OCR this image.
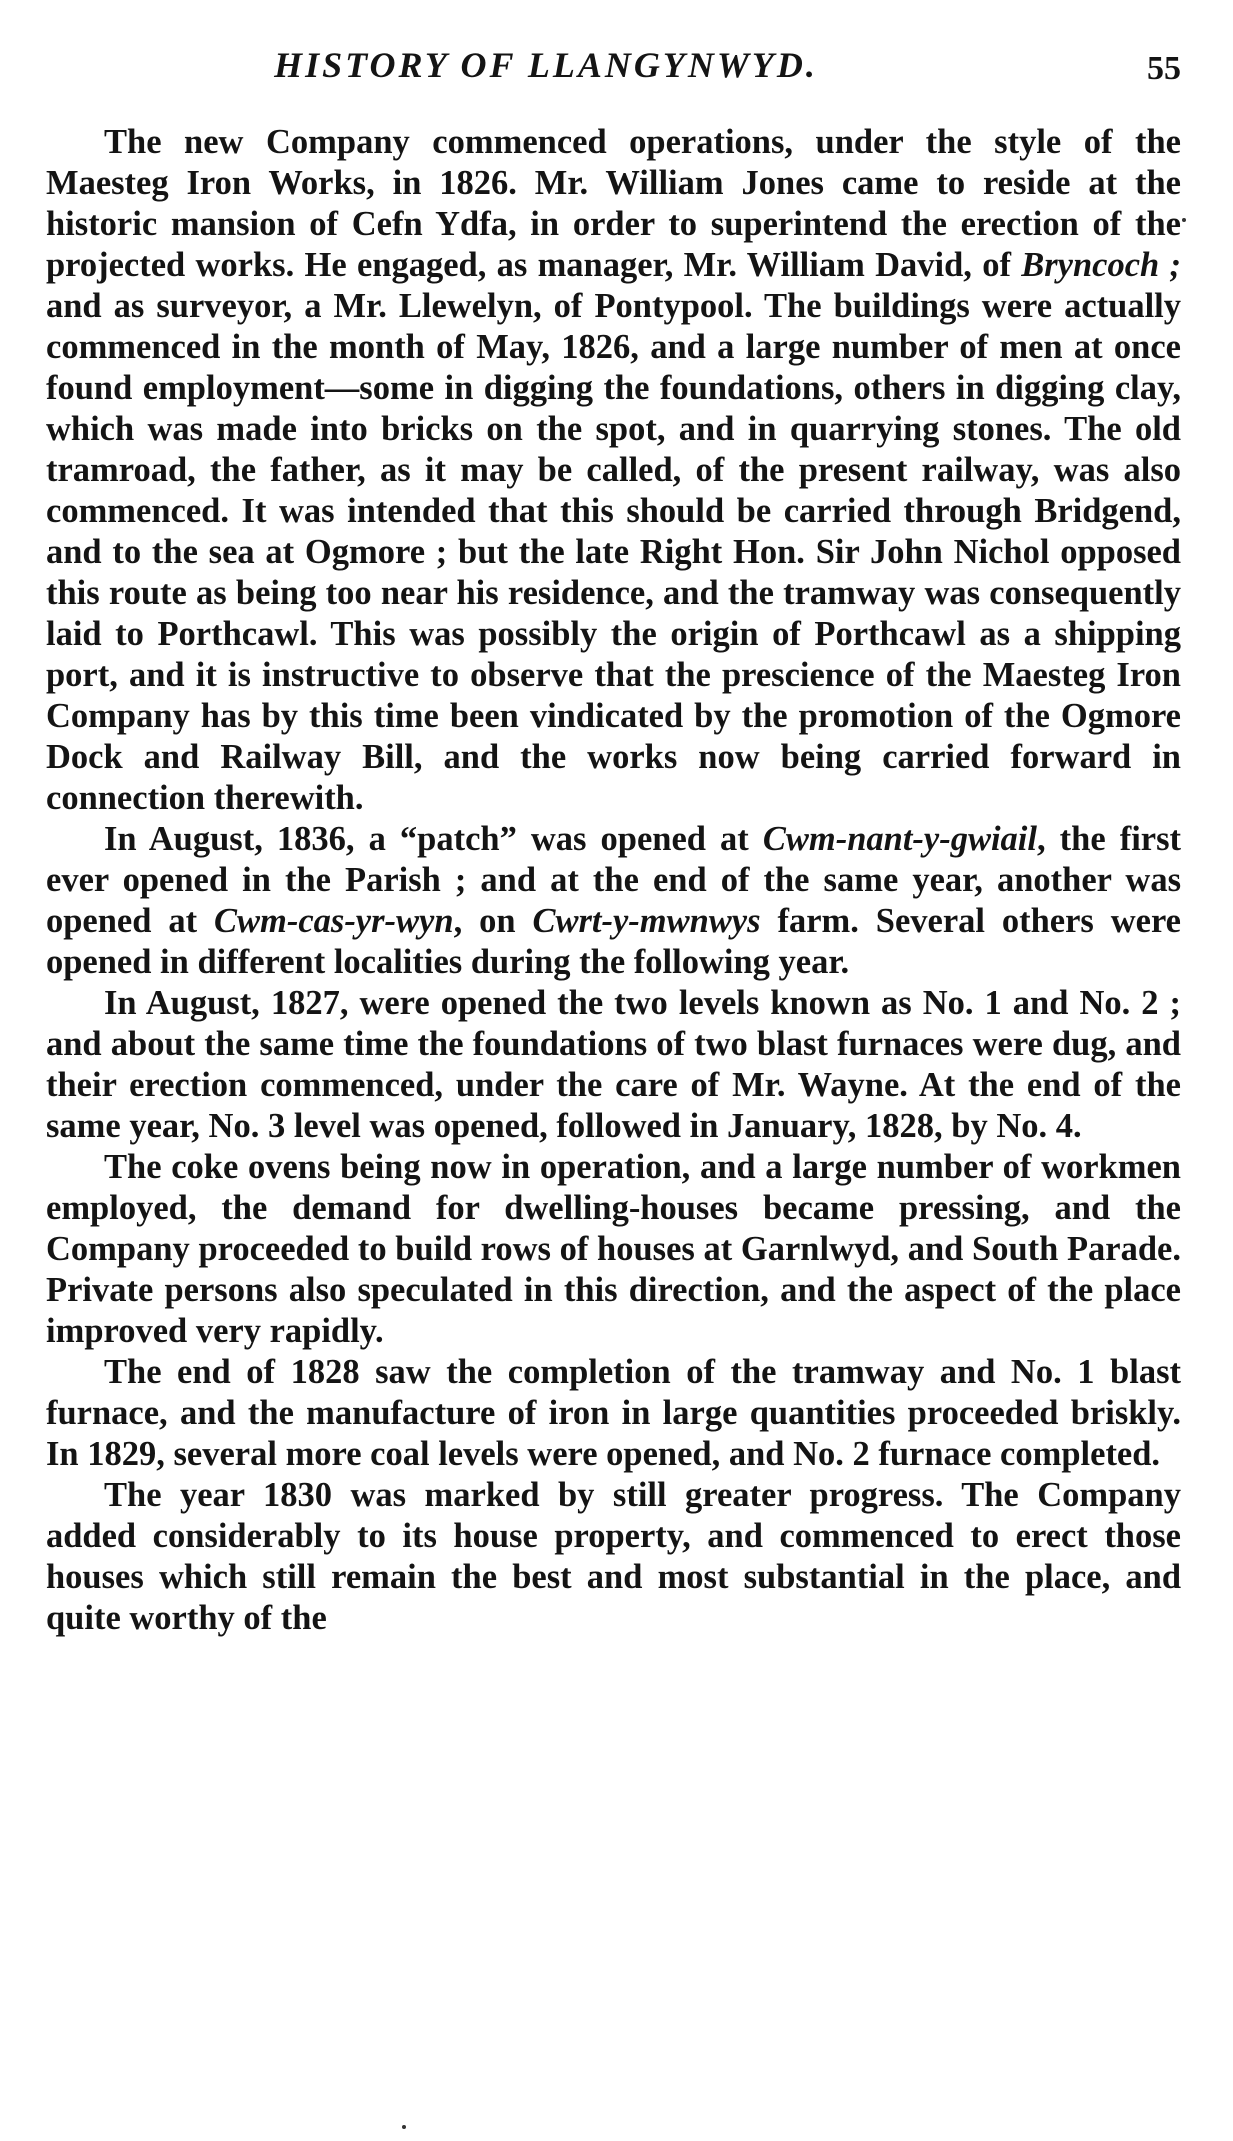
HISTORY OF LLANGYNWYD.	55

The new Company commenced operations, under the style of the Maesteg Iron Works, in 1826. Mr. William Jones came to reside at the historic mansion of Cefn Ydfa, in order to superintend the erection of the projected works. He engaged, as manager, Mr. William David, of Bryncoch ; and as surveyor, a Mr. Llewelyn, of Pontypool. The buildings were actually commenced in the month of May, 1826, and a large number of men at once found employment—some in digging the foundations, others in digging clay, which was made into bricks on the spot, and in quarrying stones. The old tramroad, the father, as it may be called, of the present railway, was also commenced. It was intended that this should be carried through Bridgend, and to the sea at Ogmore ; but the late Right Hon. Sir John Nichol opposed this route as being too near his residence, and the tramway was consequently laid to Porthcawl. This was possibly the origin of Porthcawl as a shipping port, and it is instructive to observe that the prescience of the Maesteg Iron Company has by this time been vindicated by the promotion of the Ogmore Dock and Railway Bill, and the works now being carried forward in connection therewith.

In August, 1836, a “patch” was opened at Cwm-nant-y-gwiail, the first ever opened in the Parish ; and at the end of the same year, another was opened at Cwm-cas-yr-wyn, on Cwrt-y-mwnwys farm. Several others were opened in different localities during the following year.

In August, 1827, were opened the two levels known as No. 1 and No. 2 ; and about the same time the foundations of two blast furnaces were dug, and their erection commenced, under the care of Mr. Wayne. At the end of the same year, No. 3 level was opened, followed in January, 1828, by No. 4.

The coke ovens being now in operation, and a large number of workmen employed, the demand for dwelling-houses became pressing, and the Company proceeded to build rows of houses at Garnlwyd, and South Parade. Private persons also speculated in this direction, and the aspect of the place improved very rapidly.

The end of 1828 saw the completion of the tramway and No. 1 blast furnace, and the manufacture of iron in large quantities proceeded briskly. In 1829, several more coal levels were opened, and No. 2 furnace completed.

The year 1830 was marked by still greater progress. The Company added considerably to its house property, and commenced to erect those houses which still remain the best and most substantial in the place, and quite worthy of the
